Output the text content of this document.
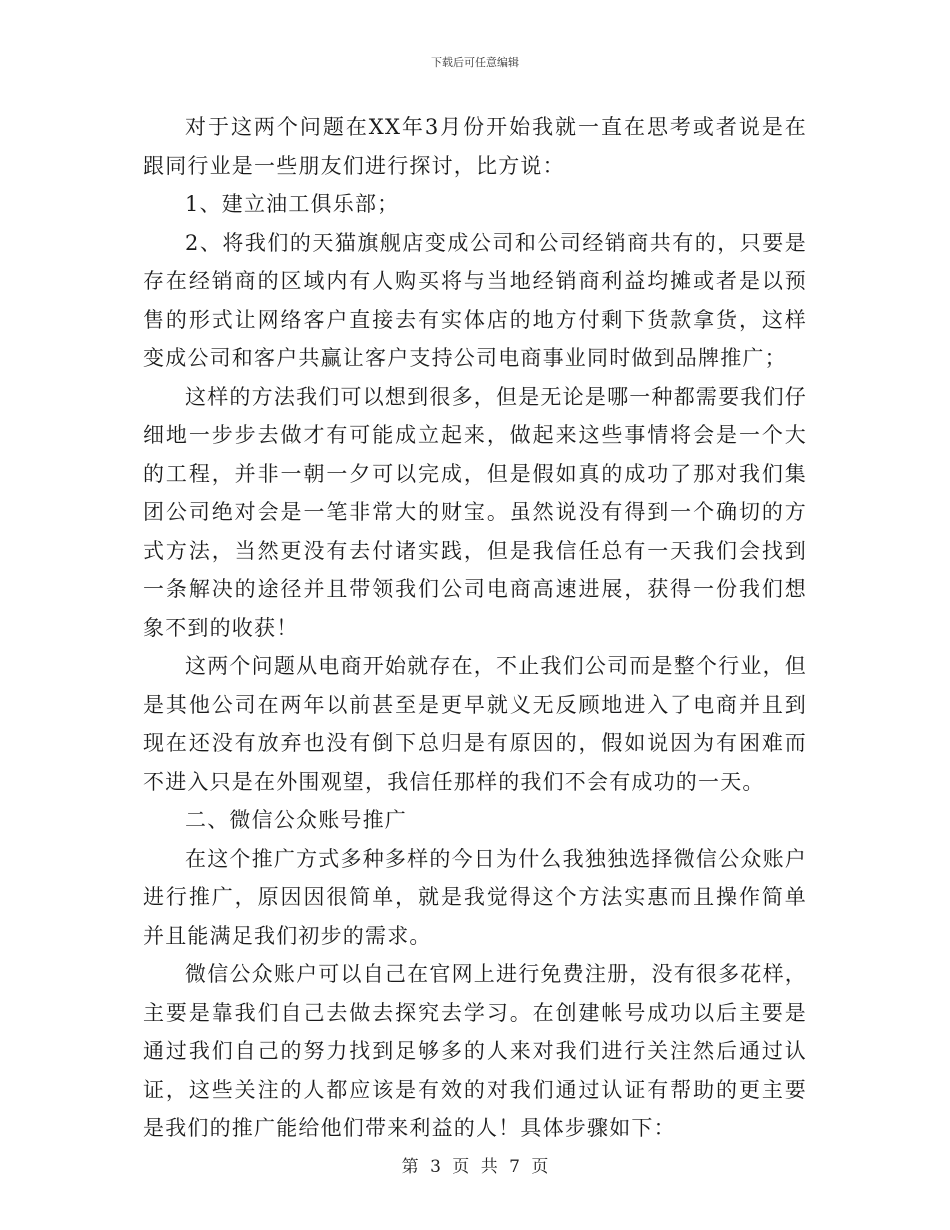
下载后可任意编辑

对于这两个问题在XX年3月份开始我就一直在思考或者说是在跟同行业是一些朋友们进行探讨，比方说：

1、建立油工俱乐部；

2、将我们的天猫旗舰店变成公司和公司经销商共有的，只要是存在经销商的区域内有人购买将与当地经销商利益均摊或者是以预售的形式让网络客户直接去有实体店的地方付剩下货款拿货，这样变成公司和客户共赢让客户支持公司电商事业同时做到品牌推广；

这样的方法我们可以想到很多，但是无论是哪一种都需要我们仔细地一步步去做才有可能成立起来，做起来这些事情将会是一个大的工程，并非一朝一夕可以完成，但是假如真的成功了那对我们集团公司绝对会是一笔非常大的财宝。虽然说没有得到一个确切的方式方法，当然更没有去付诸实践，但是我信任总有一天我们会找到一条解决的途径并且带领我们公司电商高速进展，获得一份我们想象不到的收获！

这两个问题从电商开始就存在，不止我们公司而是整个行业，但是其他公司在两年以前甚至是更早就义无反顾地进入了电商并且到现在还没有放弃也没有倒下总归是有原因的，假如说因为有困难而不进入只是在外围观望，我信任那样的我们不会有成功的一天。

二、微信公众账号推广

在这个推广方式多种多样的今日为什么我独独选择微信公众账户进行推广，原因因很简单，就是我觉得这个方法实惠而且操作简单并且能满足我们初步的需求。

微信公众账户可以自己在官网上进行免费注册，没有很多花样，主要是靠我们自己去做去探究去学习。在创建帐号成功以后主要是通过我们自己的努力找到足够多的人来对我们进行关注然后通过认证，这些关注的人都应该是有效的对我们通过认证有帮助的更主要是我们的推广能给他们带来利益的人！具体步骤如下：

第 3 页 共 7 页
